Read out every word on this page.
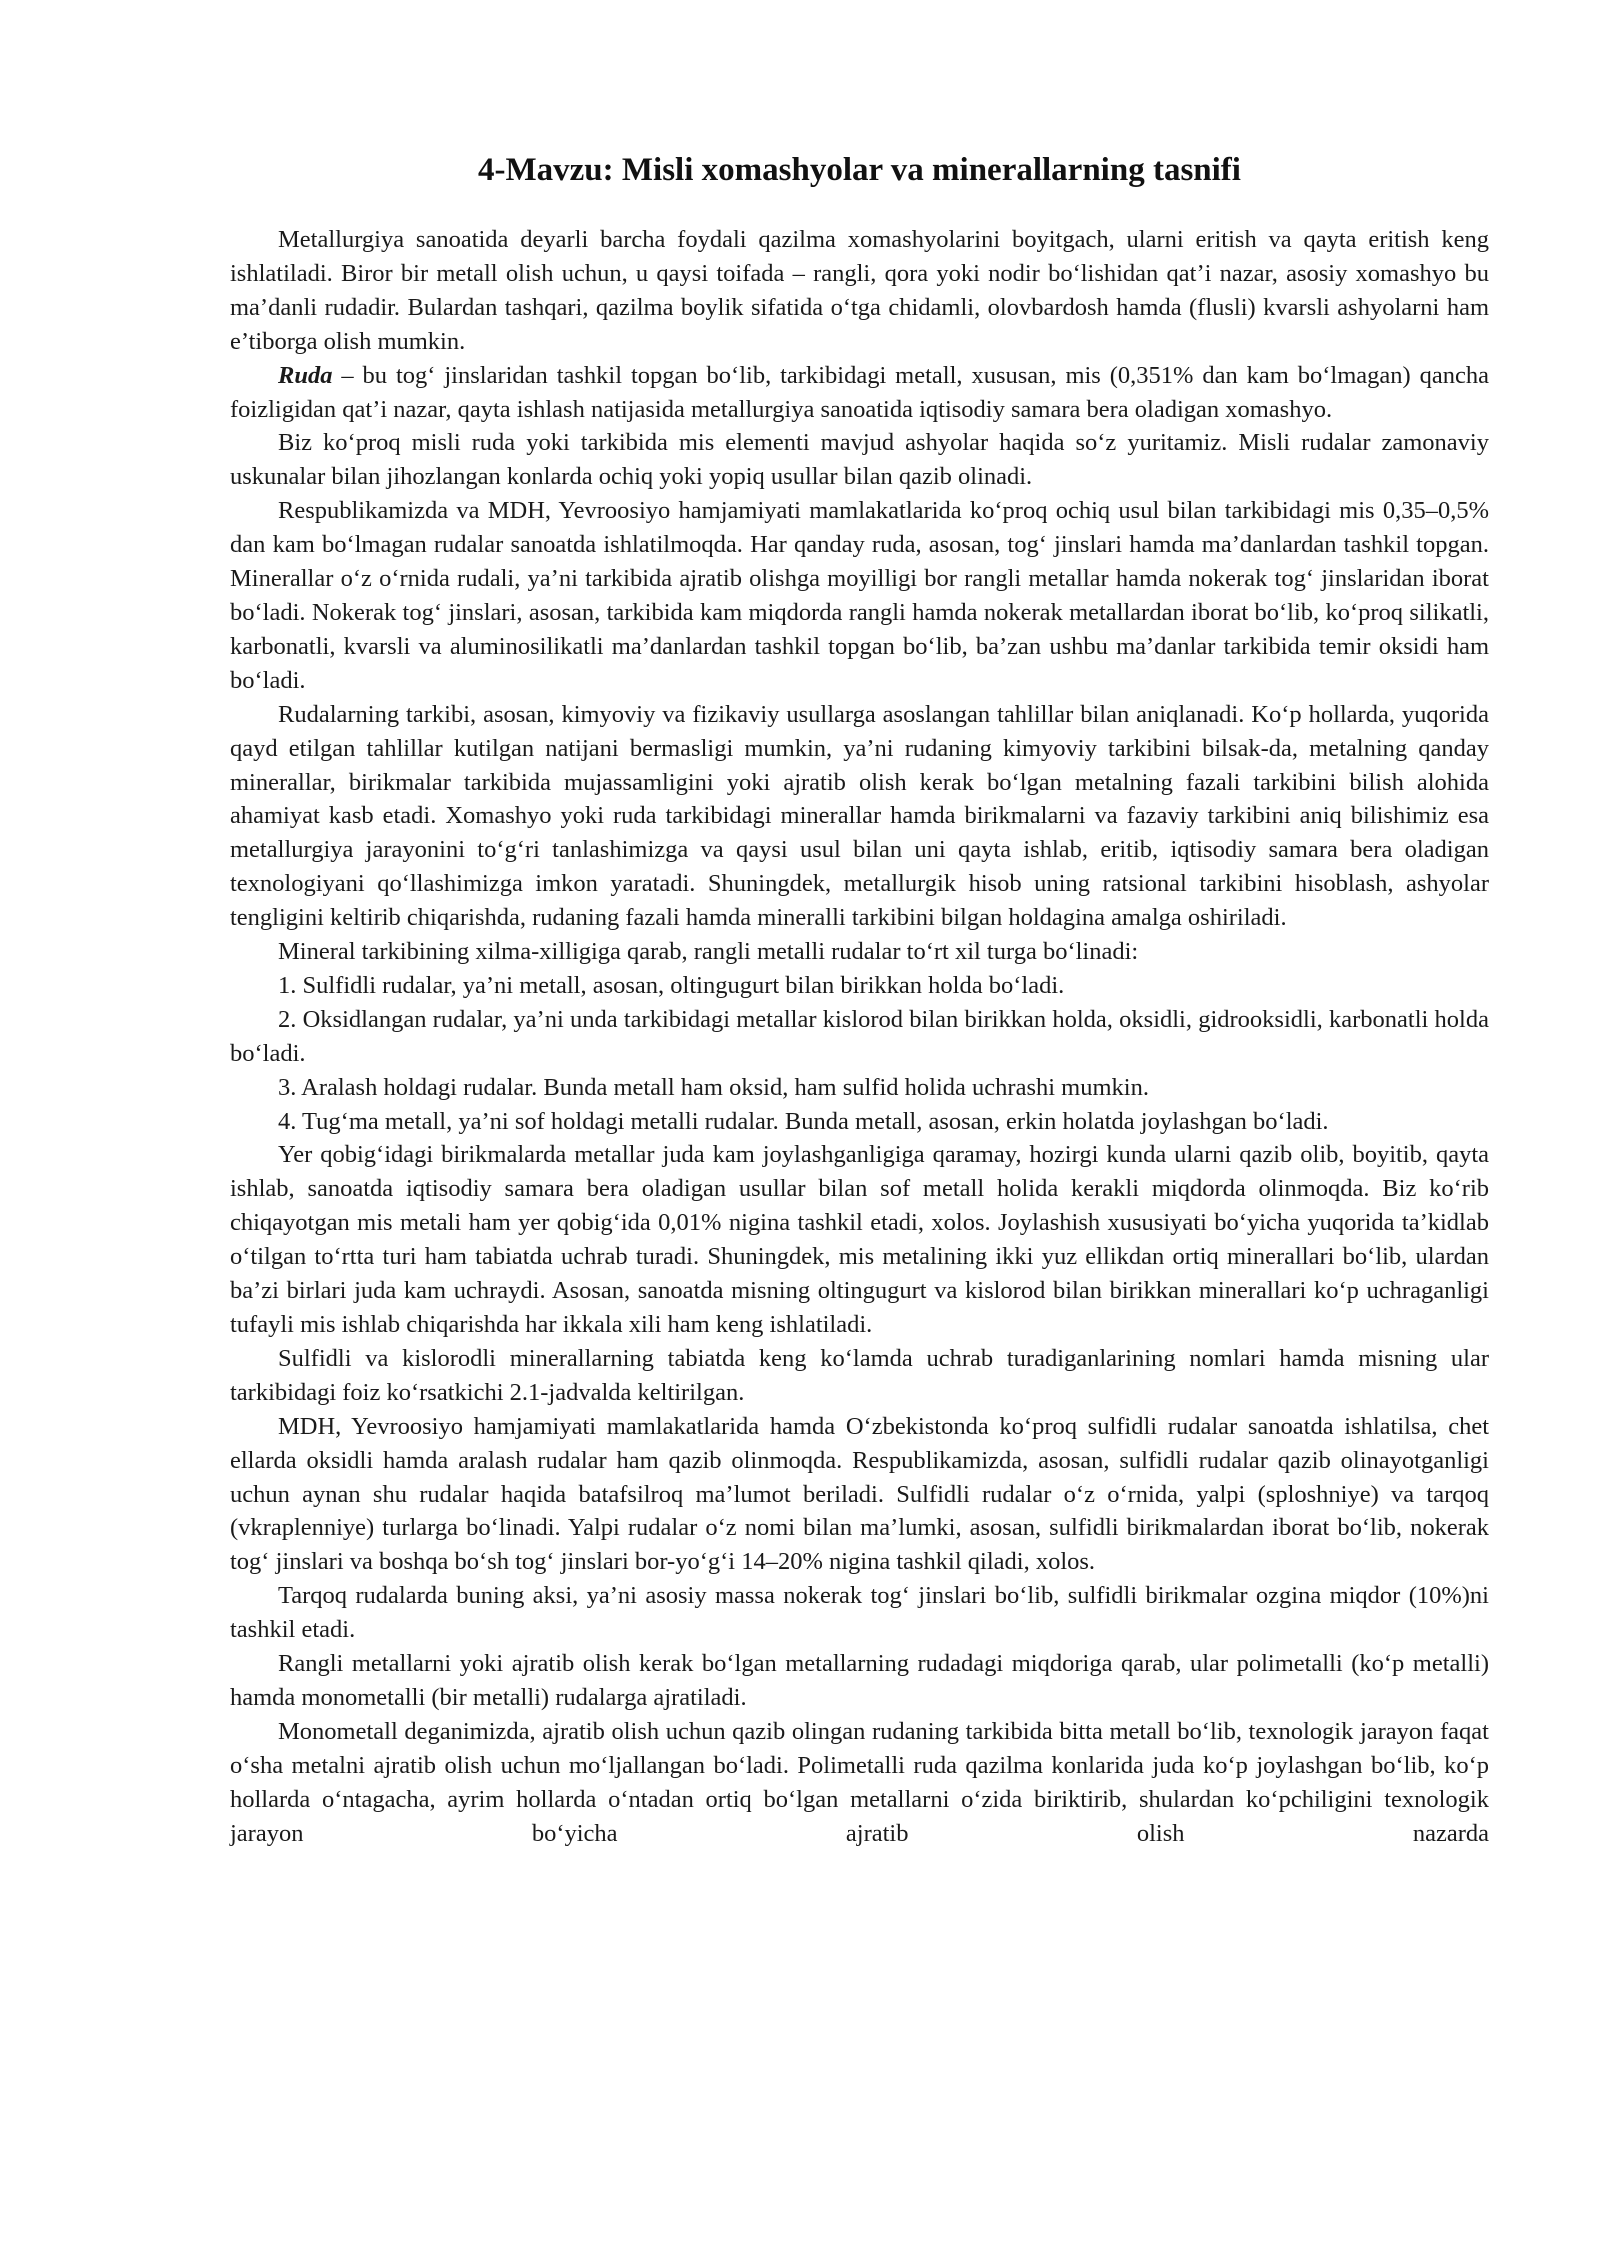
4-Mavzu: Misli xomashyolar va minerallarning tasnifi

Metallurgiya sanoatida deyarli barcha foydali qazilma xomashyolarini boyitgach, ularni eritish va qayta eritish keng ishlatiladi. Biror bir metall olish uchun, u qaysi toifada – rangli, qora yoki nodir bo‘lishidan qat’i nazar, asosiy xomashyo bu ma’danli rudadir. Bulardan tashqari, qazilma boylik sifatida o‘tga chidamli, olovbardosh hamda (flusli) kvarsli ashyolarni ham e’tiborga olish mumkin.

Ruda – bu tog‘ jinslaridan tashkil topgan bo‘lib, tarkibidagi metall, xususan, mis (0,351% dan kam bo‘lmagan) qancha foizligidan qat’i nazar, qayta ishlash natijasida metallurgiya sanoatida iqtisodiy samara bera oladigan xomashyo.

Biz ko‘proq misli ruda yoki tarkibida mis elementi mavjud ashyolar haqida so‘z yuritamiz. Misli rudalar zamonaviy uskunalar bilan jihozlangan konlarda ochiq yoki yopiq usullar bilan qazib olinadi.

Respublikamizda va MDH, Yevroosiyo hamjamiyati mamlakatlarida ko‘proq ochiq usul bilan tarkibidagi mis 0,35–0,5% dan kam bo‘lmagan rudalar sanoatda ishlatilmoqda. Har qanday ruda, asosan, tog‘ jinslari hamda ma’danlardan tashkil topgan. Minerallar o‘z o‘rnida rudali, ya’ni tarkibida ajratib olishga moyilligi bor rangli metallar hamda nokerak tog‘ jinslaridan iborat bo‘ladi. Nokerak tog‘ jinslari, asosan, tarkibida kam miqdorda rangli hamda nokerak metallardan iborat bo‘lib, ko‘proq silikatli, karbonatli, kvarsli va aluminosilikatli ma’danlardan tashkil topgan bo‘lib, ba’zan ushbu ma’danlar tarkibida temir oksidi ham bo‘ladi.

Rudalarning tarkibi, asosan, kimyoviy va fizikaviy usullarga asoslangan tahlillar bilan aniqlanadi. Ko‘p hollarda, yuqorida qayd etilgan tahlillar kutilgan natijani bermasligi mumkin, ya’ni rudaning kimyoviy tarkibini bilsak-da, metalning qanday minerallar, birikmalar tarkibida mujassamligini yoki ajratib olish kerak bo‘lgan metalning fazali tarkibini bilish alohida ahamiyat kasb etadi. Xomashyo yoki ruda tarkibidagi minerallar hamda birikmalarni va fazaviy tarkibini aniq bilishimiz esa metallurgiya jarayonini to‘g‘ri tanlashimizga va qaysi usul bilan uni qayta ishlab, eritib, iqtisodiy samara bera oladigan texnologiyani qo‘llashimizga imkon yaratadi. Shuningdek, metallurgik hisob uning ratsional tarkibini hisoblash, ashyolar tengligini keltirib chiqarishda, rudaning fazali hamda mineralli tarkibini bilgan holdagina amalga oshiriladi.

Mineral tarkibining xilma-xilligiga qarab, rangli metalli rudalar to‘rt xil turga bo‘linadi:

1. Sulfidli rudalar, ya’ni metall, asosan, oltingugurt bilan birikkan holda bo‘ladi.

2. Oksidlangan rudalar, ya’ni unda tarkibidagi metallar kislorod bilan birikkan holda, oksidli, gidrooksidli, karbonatli holda bo‘ladi.

3. Aralash holdagi rudalar. Bunda metall ham oksid, ham sulfid holida uchrashi mumkin.

4. Tug‘ma metall, ya’ni sof holdagi metalli rudalar. Bunda metall, asosan, erkin holatda joylashgan bo‘ladi.

Yer qobig‘idagi birikmalarda metallar juda kam joylashganligiga qaramay, hozirgi kunda ularni qazib olib, boyitib, qayta ishlab, sanoatda iqtisodiy samara bera oladigan usullar bilan sof metall holida kerakli miqdorda olinmoqda. Biz ko‘rib chiqayotgan mis metali ham yer qobig‘ida 0,01% nigina tashkil etadi, xolos. Joylashish xususiyati bo‘yicha yuqorida ta’kidlab o‘tilgan to‘rtta turi ham tabiatda uchrab turadi. Shuningdek, mis metalining ikki yuz ellikdan ortiq minerallari bo‘lib, ulardan ba’zi birlari juda kam uchraydi. Asosan, sanoatda misning oltingugurt va kislorod bilan birikkan minerallari ko‘p uchraganligi tufayli mis ishlab chiqarishda har ikkala xili ham keng ishlatiladi.

Sulfidli va kislorodli minerallarning tabiatda keng ko‘lamda uchrab turadiganlarining nomlari hamda misning ular tarkibidagi foiz ko‘rsatkichi 2.1-jadvalda keltirilgan.

MDH, Yevroosiyo hamjamiyati mamlakatlarida hamda O‘zbekistonda ko‘proq sulfidli rudalar sanoatda ishlatilsa, chet ellarda oksidli hamda aralash rudalar ham qazib olinmoqda. Respublikamizda, asosan, sulfidli rudalar qazib olinayotganligi uchun aynan shu rudalar haqida batafsilroq ma’lumot beriladi. Sulfidli rudalar o‘z o‘rnida, yalpi (sploshniye) va tarqoq (vkraplenniye) turlarga bo‘linadi. Yalpi rudalar o‘z nomi bilan ma’lumki, asosan, sulfidli birikmalardan iborat bo‘lib, nokerak tog‘ jinslari va boshqa bo‘sh tog‘ jinslari bor-yo‘g‘i 14–20% nigina tashkil qiladi, xolos.

Tarqoq rudalarda buning aksi, ya’ni asosiy massa nokerak tog‘ jinslari bo‘lib, sulfidli birikmalar ozgina miqdor (10%)ni tashkil etadi.

Rangli metallarni yoki ajratib olish kerak bo‘lgan metallarning rudadagi miqdoriga qarab, ular polimetalli (ko‘p metalli) hamda monometalli (bir metalli) rudalarga ajratiladi.

Monometall deganimizda, ajratib olish uchun qazib olingan rudaning tarkibida bitta metall bo‘lib, texnologik jarayon faqat o‘sha metalni ajratib olish uchun mo‘ljallangan bo‘ladi. Polimetalli ruda qazilma konlarida juda ko‘p joylashgan bo‘lib, ko‘p hollarda o‘ntagacha, ayrim hollarda o‘ntadan ortiq bo‘lgan metallarni o‘zida biriktirib, shulardan ko‘pchiligini texnologik jarayon bo‘yicha ajratib olish nazarda
